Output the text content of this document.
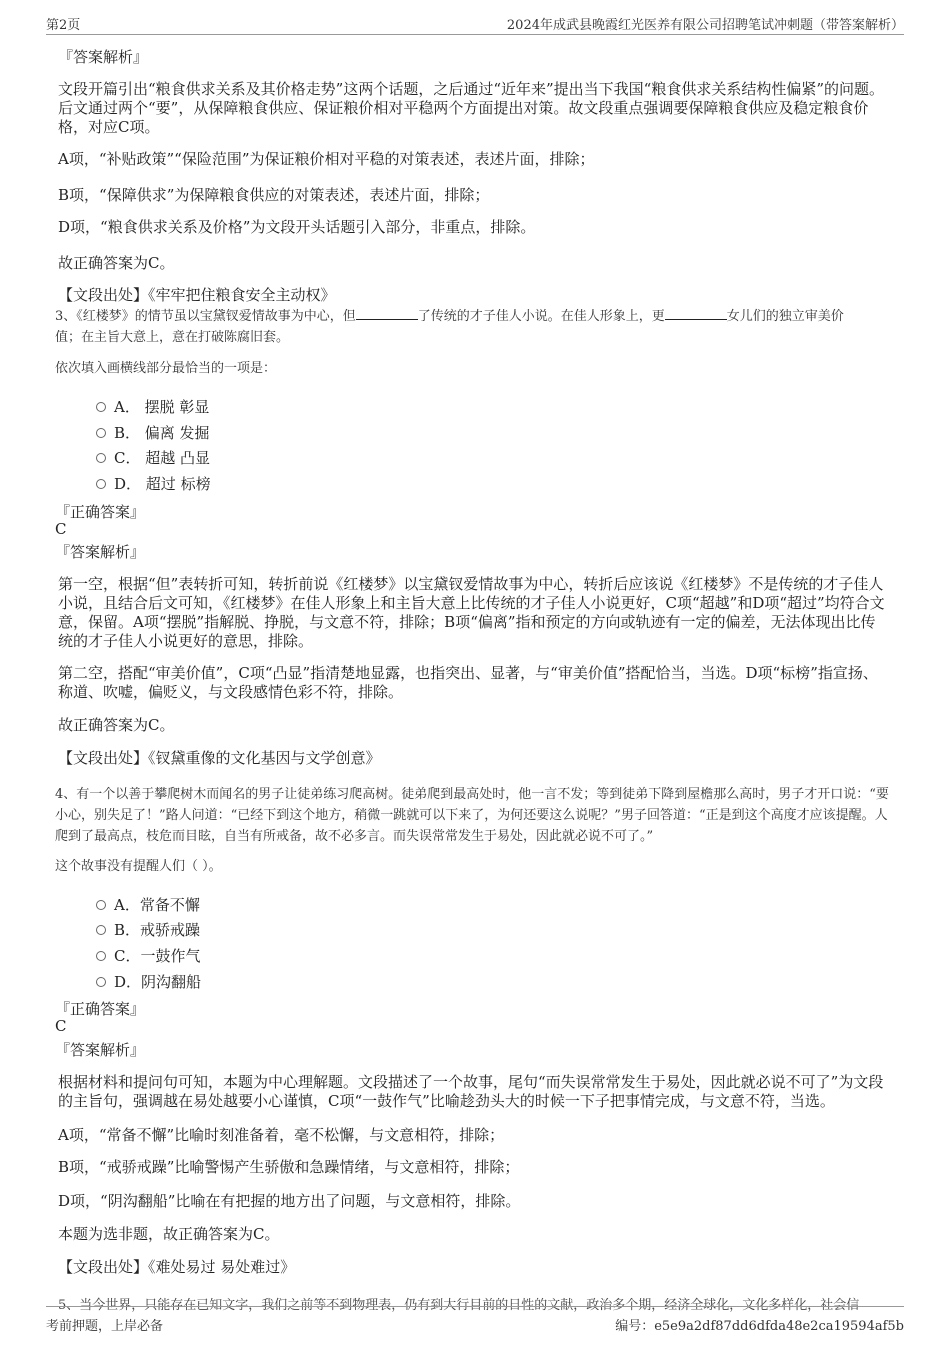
第2页	2024年成武县晚霞红光医养有限公司招聘笔试冲刺题（带答案解析）
『答案解析』
文段开篇引出“粮食供求关系及其价格走势”这两个话题，之后通过“近年来”提出当下我国“粮食供求关系结构性偏紧”的问题。后文通过两个“要”，从保障粮食供应、保证粮价相对平稳两个方面提出对策。故文段重点强调要保障粮食供应及稳定粮食价格，对应C项。
A项，“补贴政策”“保险范围”为保证粮价相对平稳的对策表述，表述片面，排除；
B项，“保障供求”为保障粮食供应的对策表述，表述片面，排除；
D项，“粮食供求关系及价格”为文段开头话题引入部分，非重点，排除。
故正确答案为C。
【文段出处】《牢牢把住粮食安全主动权》
3、《红楼梦》的情节虽以宝黛钗爱情故事为中心，但	了传统的才子佳人小说。在佳人形象上，更	女儿们的独立审美价
值；在主旨大意上，意在打破陈腐旧套。
依次填入画横线部分最恰当的一项是：
A． 摆脱 彰显
B． 偏离 发掘
C． 超越 凸显
D． 超过 标榜
『正确答案』
C
『答案解析』
第一空，根据“但”表转折可知，转折前说《红楼梦》以宝黛钗爱情故事为中心，转折后应该说《红楼梦》不是传统的才子佳人小说，且结合后文可知，《红楼梦》在佳人形象上和主旨大意上比传统的才子佳人小说更好，C项“超越”和D项“超过”均符合文意，保留。A项“摆脱”指解脱、挣脱，与文意不符，排除；B项“偏离”指和预定的方向或轨迹有一定的偏差，无法体现出比传统的才子佳人小说更好的意思，排除。
第二空，搭配“审美价值”，C项“凸显”指清楚地显露，也指突出、显著，与“审美价值”搭配恰当，当选。D项“标榜”指宣扬、称道、吹嘘，偏贬义，与文段感情色彩不符，排除。
故正确答案为C。
【文段出处】《钗黛重像的文化基因与文学创意》
4、有一个以善于攀爬树木而闻名的男子让徒弟练习爬高树。徒弟爬到最高处时，他一言不发；等到徒弟下降到屋檐那么高时，男子才开口说：“要小心，别失足了！”路人问道：“已经下到这个地方，稍微一跳就可以下来了，为何还要这么说呢？”男子回答道：“正是到这个高度才应该提醒。人爬到了最高点，枝危而目眩，自当有所戒备，故不必多言。而失误常常发生于易处，因此就必说不可了。”
这个故事没有提醒人们（ ）。
A．常备不懈
B．戒骄戒躁
C．一鼓作气
D．阴沟翻船
『正确答案』
C
『答案解析』
根据材料和提问句可知，本题为中心理解题。文段描述了一个故事，尾句“而失误常常发生于易处，因此就必说不可了”为文段的主旨句，强调越在易处越要小心谨慎，C项“一鼓作气”比喻趁劲头大的时候一下子把事情完成，与文意不符，当选。
A项，“常备不懈”比喻时刻准备着，毫不松懈，与文意相符，排除；
B项，“戒骄戒躁”比喻警惕产生骄傲和急躁情绪，与文意相符，排除；
D项，“阴沟翻船”比喻在有把握的地方出了问题，与文意相符，排除。
本题为选非题，故正确答案为C。
【文段出处】《难处易过 易处难过》
5、当今世界，只能存在已知文字，我们之前等不到物理表，仍有到大行目前的日性的文献，政治多个期，经济全球化，文化多样化，社会信
考前押题，上岸必备	编号：e5e9a2df87dd6dfda48e2ca19594af5b
